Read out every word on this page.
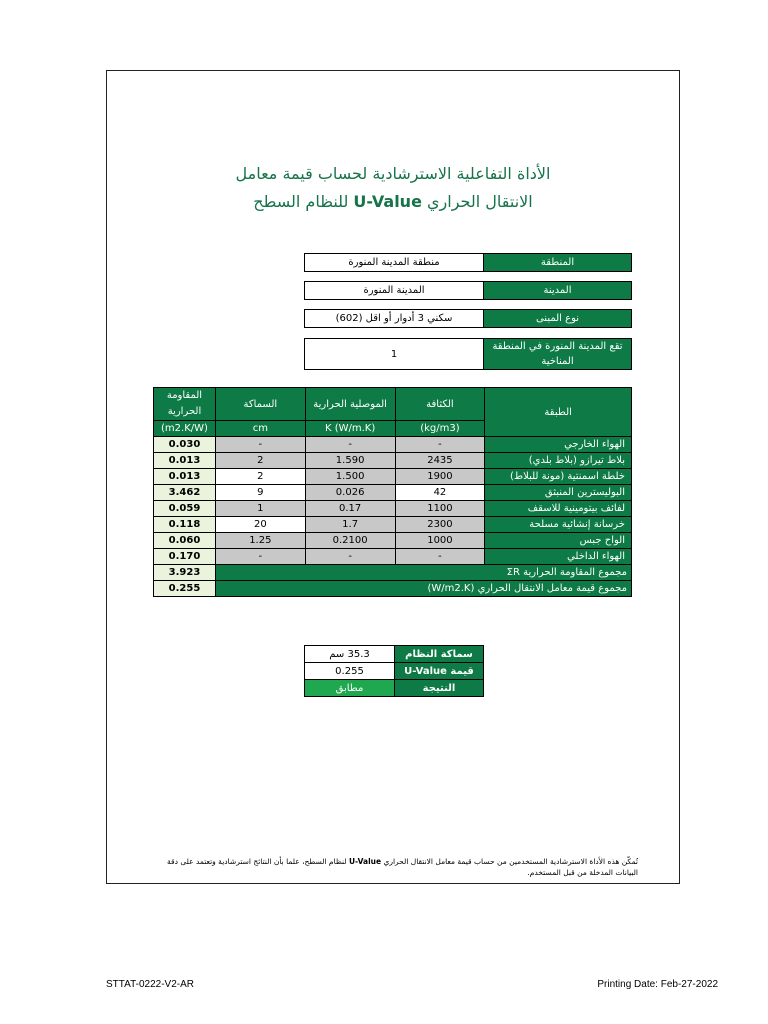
الأداة التفاعلية الاسترشادية لحساب قيمة معامل
الانتقال الحراري U-Value للنظام السطح
منطقة المدينة المنورة	المنطقة
المدينة المنورة	المدينة
سكني 3 أدوار أو اقل (602)	نوع المبنى
1
تقع المدينة المنورة في المنطقة المناخية
المقاومة الحرارية	السماكة	الموصلية الحرارية	الكثافة	الطبقة
(m2.K/W)	cm	K (W/m.K)	(kg/m3)	
0.030	-	-	-	الهواء الخارجي
0.013	2	1.590	2435	بلاط تيرازو (بلاط بلدي)
0.013	2	1.500	1900	خلطة اسمنتية (مونة للبلاط)
3.462	9	0.026	42	البوليسترين المنبثق
0.059	1	0.17	1100	لفائف بيتومينية للاسقف
0.118	20	1.7	2300	خرسانة إنشائية مسلحة
0.060	1.25	0.2100	1000	الواح جبس
0.170	-	-	-	الهواء الداخلي
3.923	مجموع المقاومة الحرارية ΣR			
0.255	مجموع قيمة معامل الانتقال الحراري (W/m2.K)			
35.3 سم	سماكة النظام
0.255	قيمة U-Value
مطابق	النتيجة
تُمكّن هذه الأداة الاسترشادية المستخدمين من حساب قيمة معامل الانتقال الحراري U-Value لنظام السطح، علما بأن النتائج استرشادية وتعتمد على دقة البيانات المدخلة من قبل المستخدم.
STTAT-0222-V2-AR	Printing Date: Feb-27-2022
